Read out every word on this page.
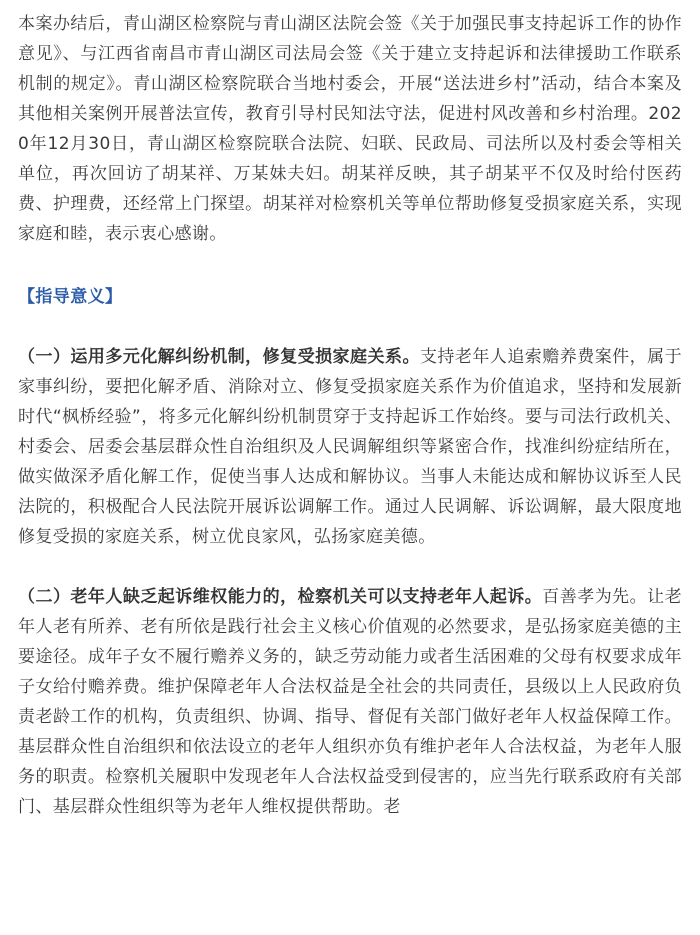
本案办结后，青山湖区检察院与青山湖区法院会签《关于加强民事支持起诉工作的协作意见》、与江西省南昌市青山湖区司法局会签《关于建立支持起诉和法律援助工作联系机制的规定》。青山湖区检察院联合当地村委会，开展“送法进乡村”活动，结合本案及其他相关案例开展普法宣传，教育引导村民知法守法，促进村风改善和乡村治理。2020年12月30日，青山湖区检察院联合法院、妇联、民政局、司法所以及村委会等相关单位，再次回访了胡某祥、万某妹夫妇。胡某祥反映，其子胡某平不仅及时给付医药费、护理费，还经常上门探望。胡某祥对检察机关等单位帮助修复受损家庭关系，实现家庭和睦，表示衷心感谢。

【指导意义】

（一）运用多元化解纠纷机制，修复受损家庭关系。支持老年人追索赡养费案件，属于家事纠纷，要把化解矛盾、消除对立、修复受损家庭关系作为价值追求，坚持和发展新时代“枫桥经验”，将多元化解纠纷机制贯穿于支持起诉工作始终。要与司法行政机关、村委会、居委会基层群众性自治组织及人民调解组织等紧密合作，找准纠纷症结所在，做实做深矛盾化解工作，促使当事人达成和解协议。当事人未能达成和解协议诉至人民法院的，积极配合人民法院开展诉讼调解工作。通过人民调解、诉讼调解，最大限度地修复受损的家庭关系，树立优良家风，弘扬家庭美德。

（二）老年人缺乏起诉维权能力的，检察机关可以支持老年人起诉。百善孝为先。让老年人老有所养、老有所依是践行社会主义核心价值观的必然要求，是弘扬家庭美德的主要途径。成年子女不履行赡养义务的，缺乏劳动能力或者生活困难的父母有权要求成年子女给付赡养费。维护保障老年人合法权益是全社会的共同责任，县级以上人民政府负责老龄工作的机构，负责组织、协调、指导、督促有关部门做好老年人权益保障工作。基层群众性自治组织和依法设立的老年人组织亦负有维护老年人合法权益，为老年人服务的职责。检察机关履职中发现老年人合法权益受到侵害的，应当先行联系政府有关部门、基层群众性组织等为老年人维权提供帮助。老
